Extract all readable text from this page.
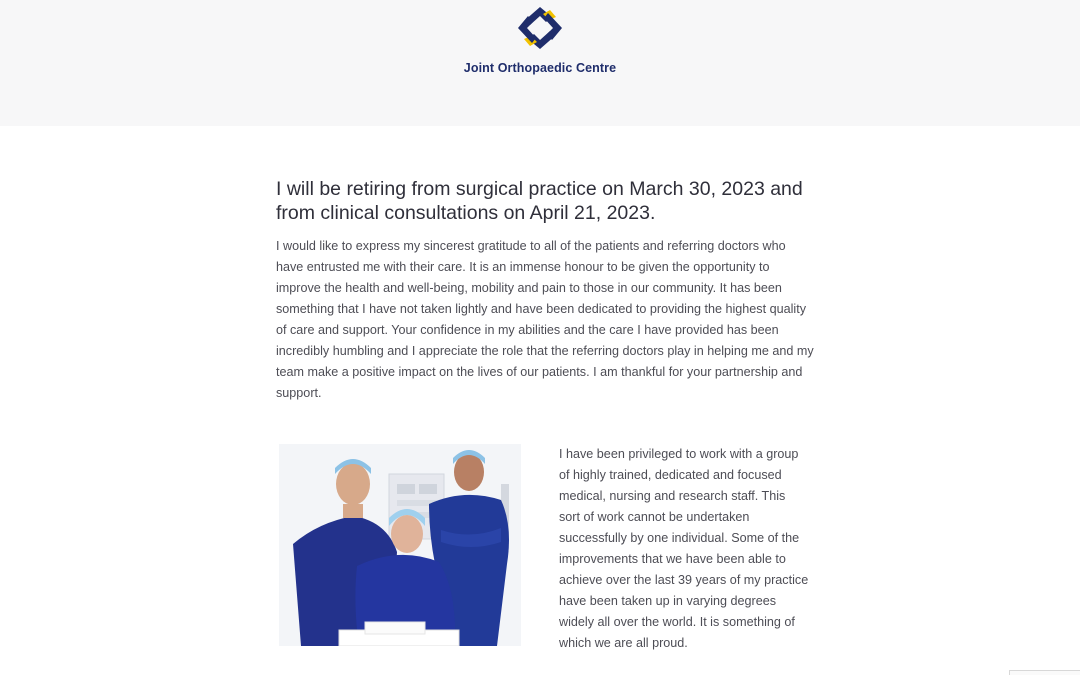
Joint Orthopaedic Centre
I will be retiring from surgical practice on March 30, 2023 and from clinical consultations on April 21, 2023.

I would like to express my sincerest gratitude to all of the patients and referring doctors who have entrusted me with their care. It is an immense honour to be given the opportunity to improve the health and well-being, mobility and pain to those in our community. It has been something that I have not taken lightly and have been dedicated to providing the highest quality of care and support. Your confidence in my abilities and the care I have provided has been incredibly humbling and I appreciate the role that the referring doctors play in helping me and my team make a positive impact on the lives of our patients. I am thankful for your partnership and support.

I have been privileged to work with a group of highly trained, dedicated and focused medical, nursing and research staff. This sort of work cannot be undertaken successfully by one individual. Some of the improvements that we have been able to achieve over the last 39 years of my practice have been taken up in varying degrees widely all over the world. It is something of which we are all proud.
